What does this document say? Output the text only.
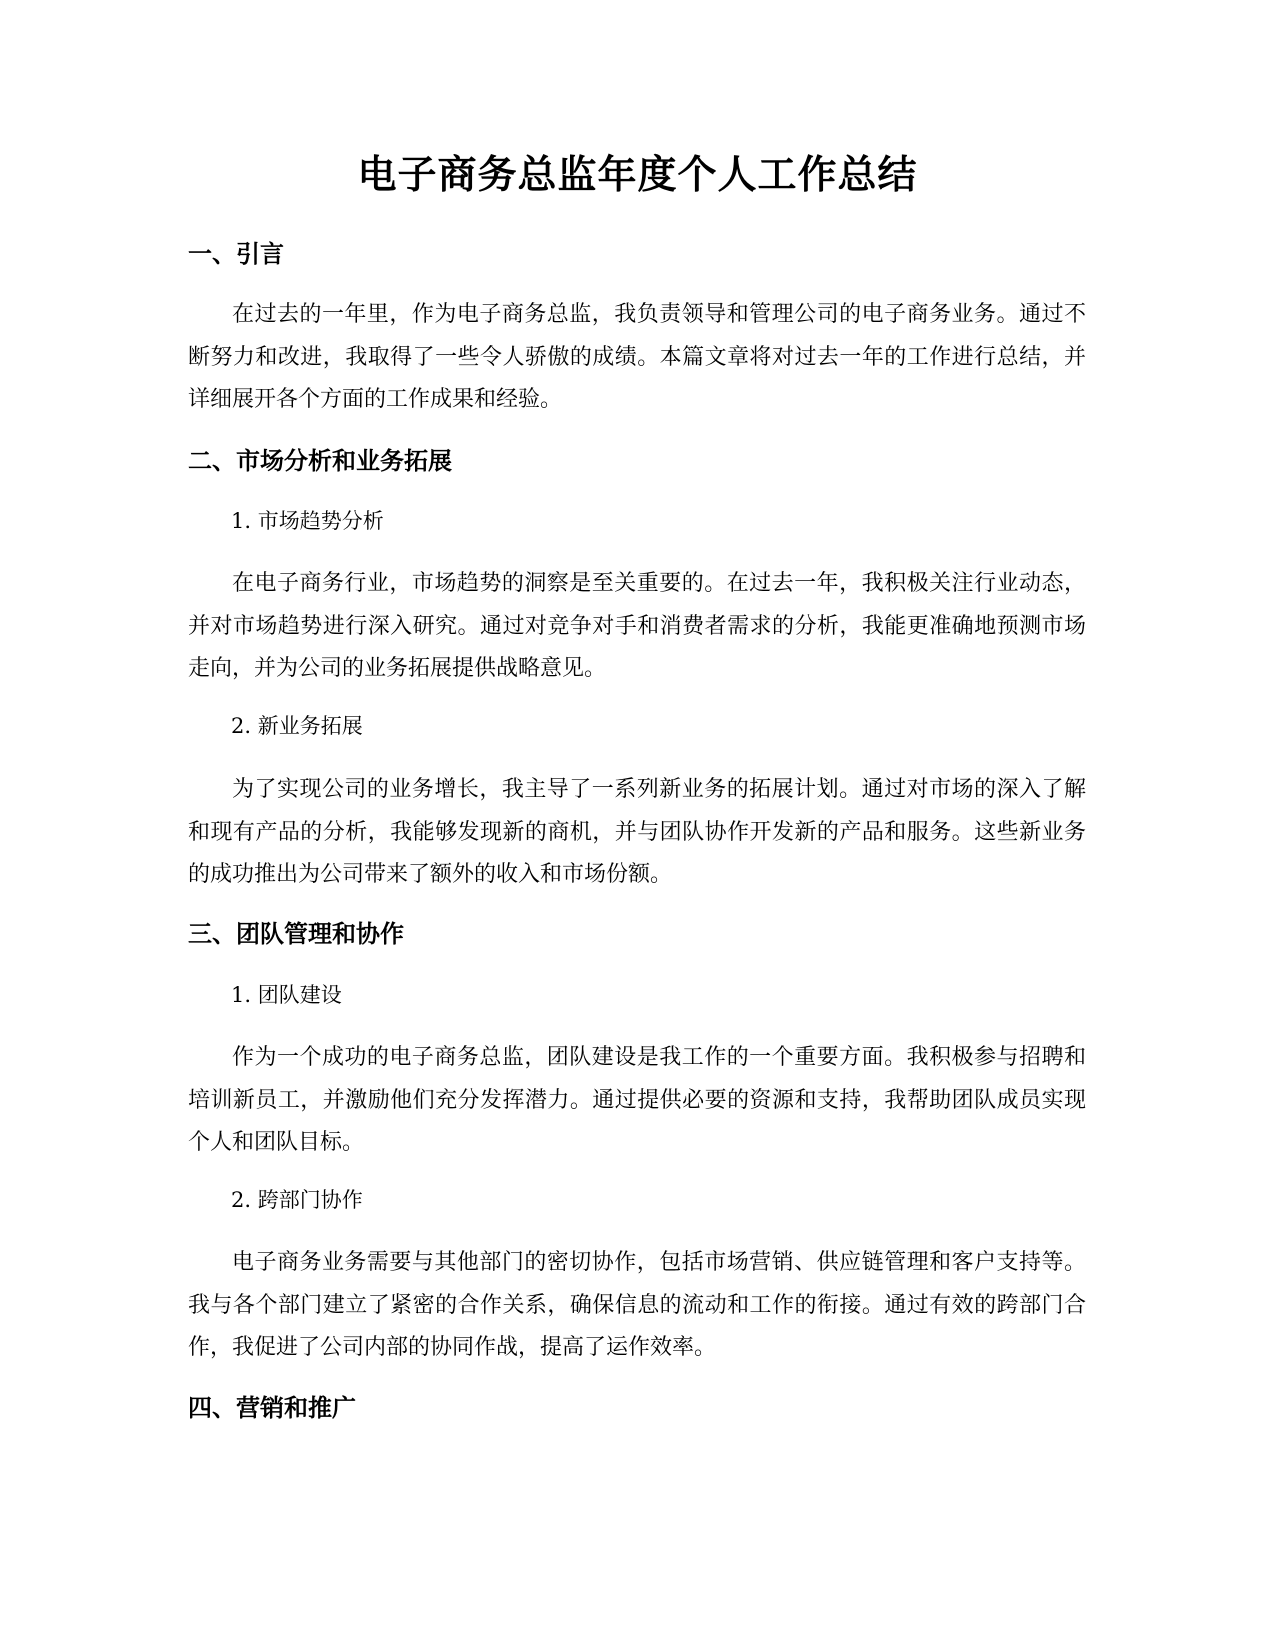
电子商务总监年度个人工作总结
一、引言

在过去的一年里，作为电子商务总监，我负责领导和管理公司的电子商务业务。通过不断努力和改进，我取得了一些令人骄傲的成绩。本篇文章将对过去一年的工作进行总结，并详细展开各个方面的工作成果和经验。

二、市场分析和业务拓展

1. 市场趋势分析

在电子商务行业，市场趋势的洞察是至关重要的。在过去一年，我积极关注行业动态，并对市场趋势进行深入研究。通过对竞争对手和消费者需求的分析，我能更准确地预测市场走向，并为公司的业务拓展提供战略意见。

2. 新业务拓展

为了实现公司的业务增长，我主导了一系列新业务的拓展计划。通过对市场的深入了解和现有产品的分析，我能够发现新的商机，并与团队协作开发新的产品和服务。这些新业务的成功推出为公司带来了额外的收入和市场份额。

三、团队管理和协作

1. 团队建设

作为一个成功的电子商务总监，团队建设是我工作的一个重要方面。我积极参与招聘和培训新员工，并激励他们充分发挥潜力。通过提供必要的资源和支持，我帮助团队成员实现个人和团队目标。

2. 跨部门协作

电子商务业务需要与其他部门的密切协作，包括市场营销、供应链管理和客户支持等。我与各个部门建立了紧密的合作关系，确保信息的流动和工作的衔接。通过有效的跨部门合作，我促进了公司内部的协同作战，提高了运作效率。

四、营销和推广
